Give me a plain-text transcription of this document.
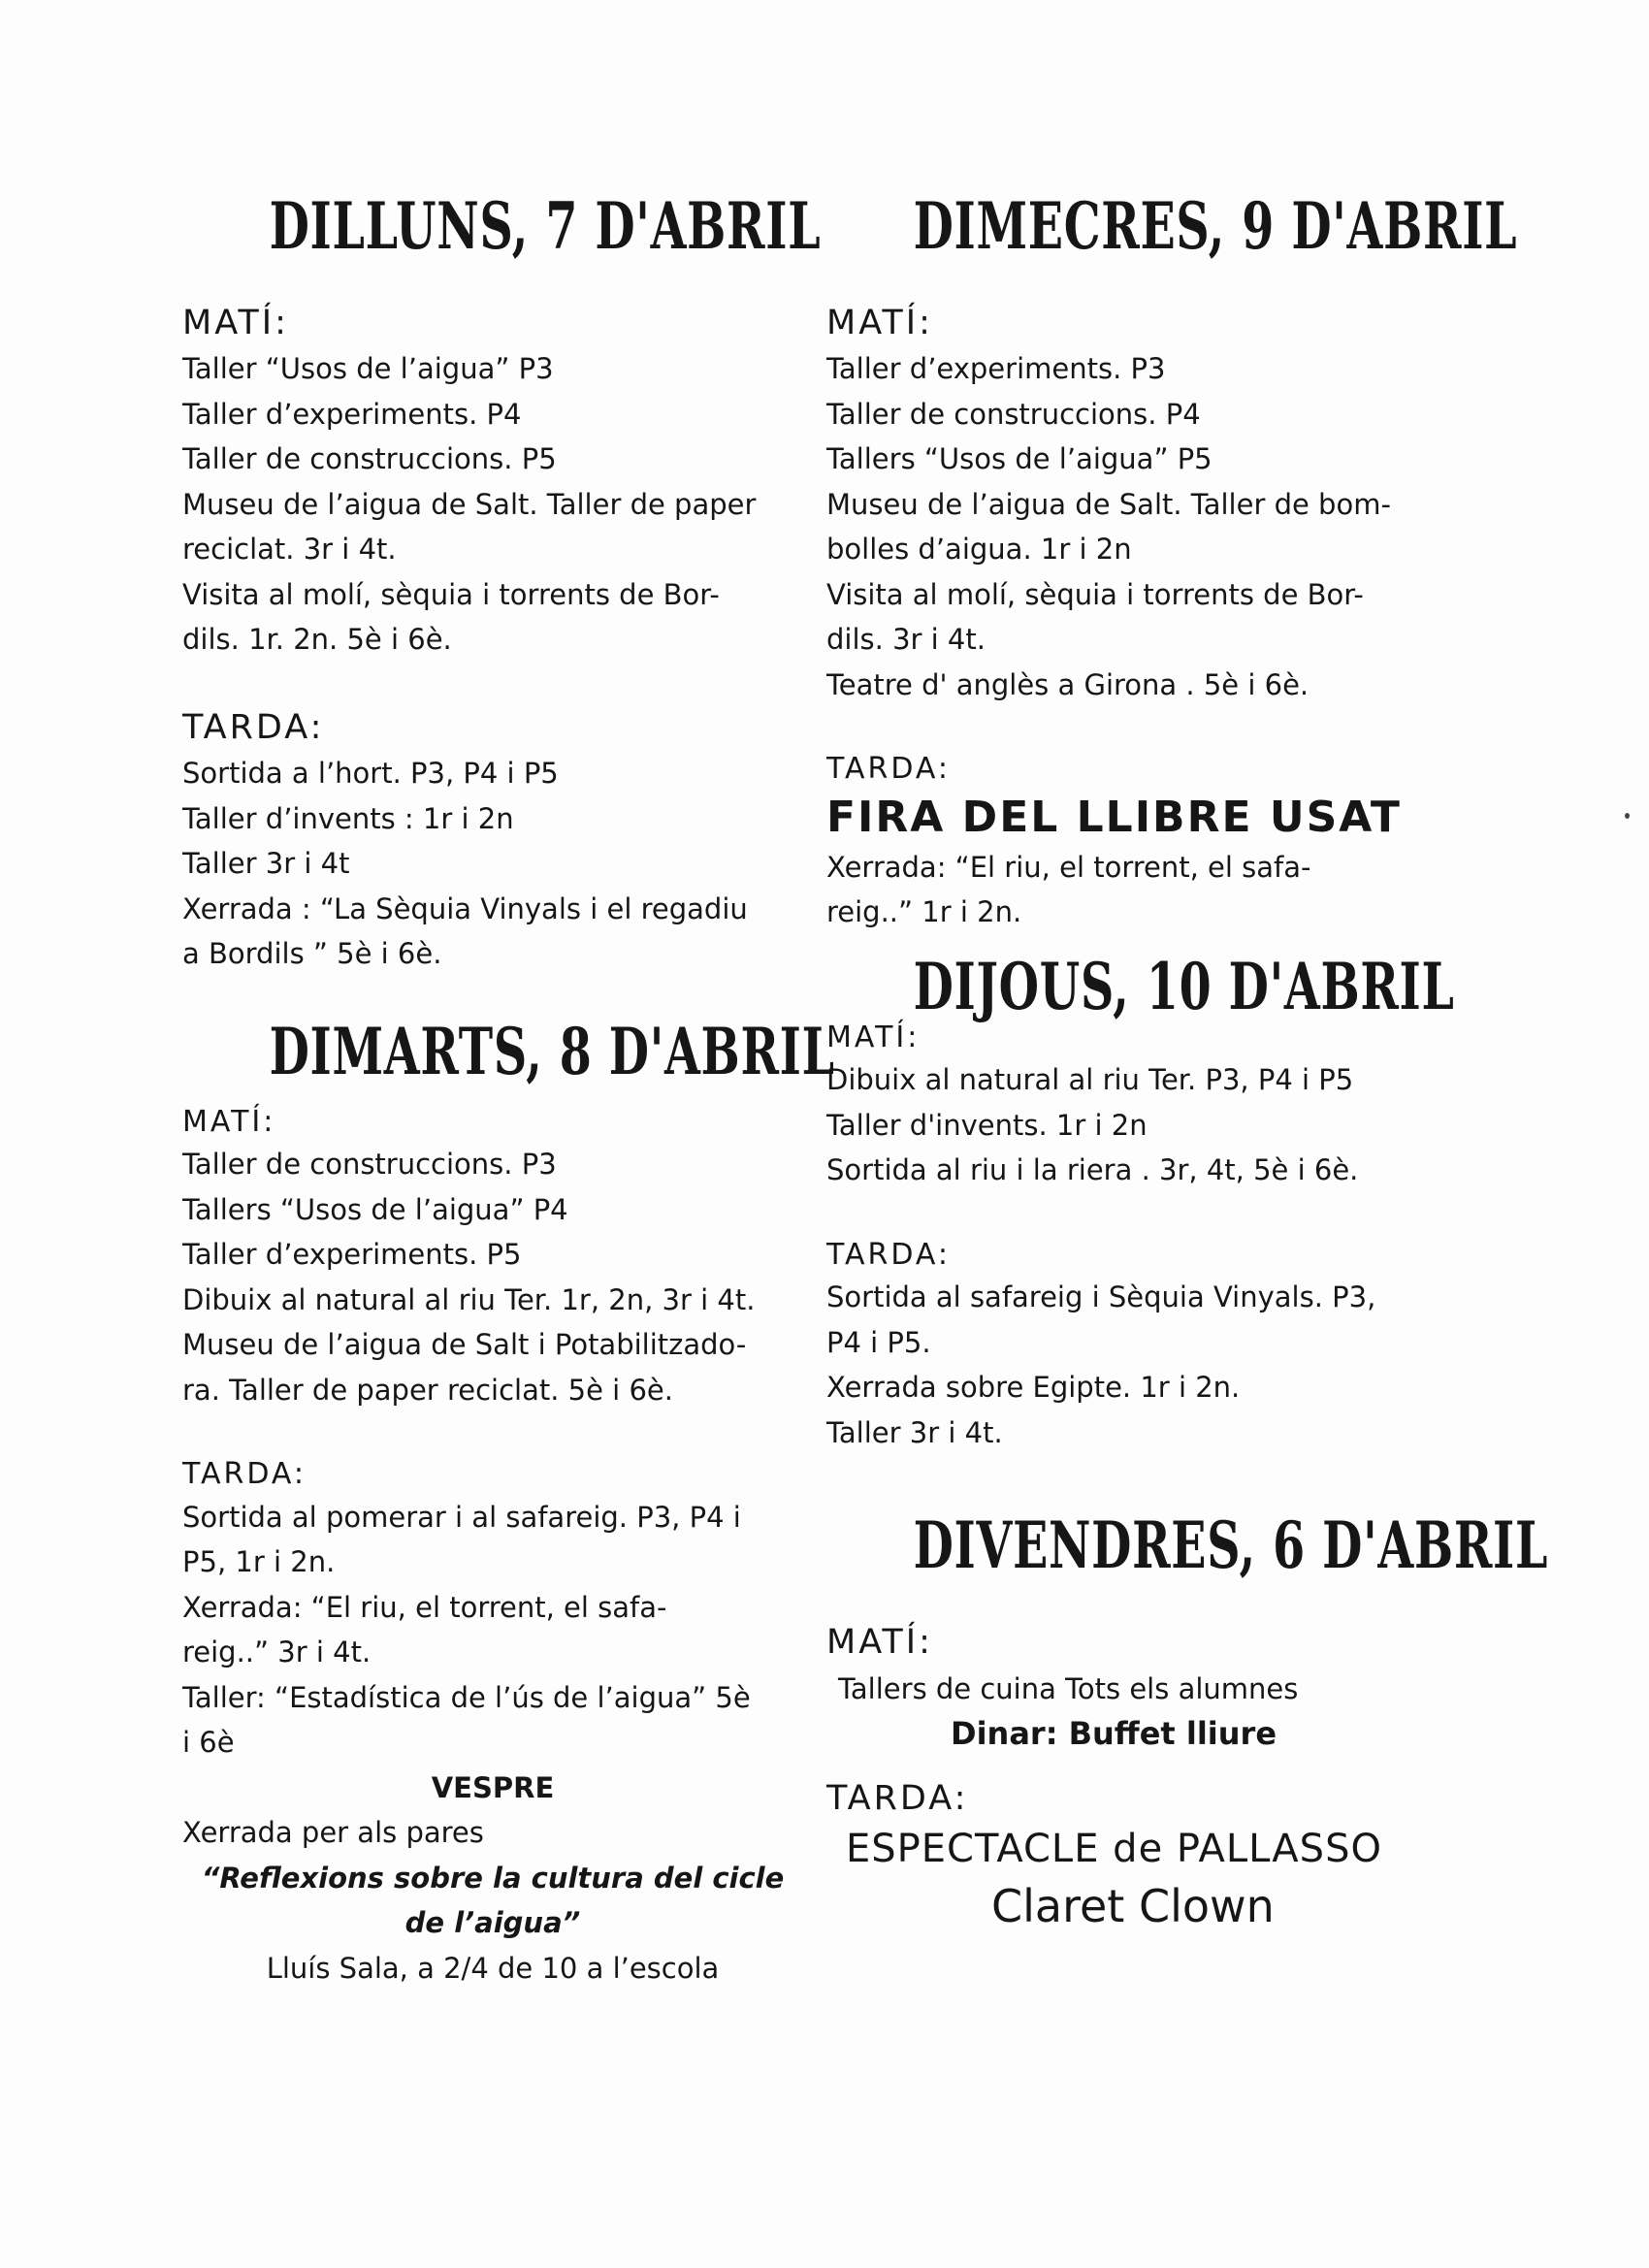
DILLUNS, 7 D'ABRIL

MATÍ:

Taller “Usos de l’aigua” P3

Taller d’experiments. P4

Taller de construccions. P5

Museu de l’aigua de Salt. Taller de paper

reciclat. 3r i 4t.

Visita al molí, sèquia i torrents de Bor-

dils. 1r. 2n. 5è i 6è.

TARDA:

Sortida a l’hort. P3, P4 i P5

Taller d’invents : 1r i 2n

Taller 3r i 4t

Xerrada : “La Sèquia Vinyals i el regadiu

a Bordils ” 5è i 6è.

DIMARTS, 8 D'ABRIL

MATÍ:

Taller de construccions. P3

Tallers “Usos de l’aigua” P4

Taller d’experiments. P5

Dibuix al natural al riu Ter. 1r, 2n, 3r i 4t.

Museu de l’aigua de Salt i Potabilitzado-

ra. Taller de paper reciclat. 5è i 6è.

TARDA:

Sortida al pomerar i al safareig. P3, P4 i

P5, 1r i 2n.

Xerrada: “El riu, el torrent, el safa-

reig..” 3r i 4t.

Taller: “Estadística de l’ús de l’aigua” 5è

i 6è

VESPRE

Xerrada per als pares

“Reflexions sobre la cultura del cicle

de l’aigua”

Lluís Sala, a 2/4 de 10 a l’escola

DIMECRES, 9 D'ABRIL

MATÍ:

Taller d’experiments. P3

Taller de construccions. P4

Tallers “Usos de l’aigua” P5

Museu de l’aigua de Salt. Taller de bom-

bolles d’aigua. 1r i 2n

Visita al molí, sèquia i torrents de Bor-

dils. 3r i 4t.

Teatre d' anglès a Girona . 5è i 6è.

TARDA:

FIRA DEL LLIBRE USAT

Xerrada: “El riu, el torrent, el safa-

reig..” 1r i 2n.

DIJOUS, 10 D'ABRIL

MATÍ:

Dibuix al natural al riu Ter. P3, P4 i P5

Taller d'invents. 1r i 2n

Sortida al riu i la riera . 3r, 4t, 5è i 6è.

TARDA:

Sortida al safareig i Sèquia Vinyals. P3,

P4 i P5.

Xerrada sobre Egipte. 1r i 2n.

Taller 3r i 4t.

DIVENDRES, 6 D'ABRIL

MATÍ:

Tallers de cuina Tots els alumnes

Dinar: Buffet lliure

TARDA:

ESPECTACLE de PALLASSO

Claret Clown
